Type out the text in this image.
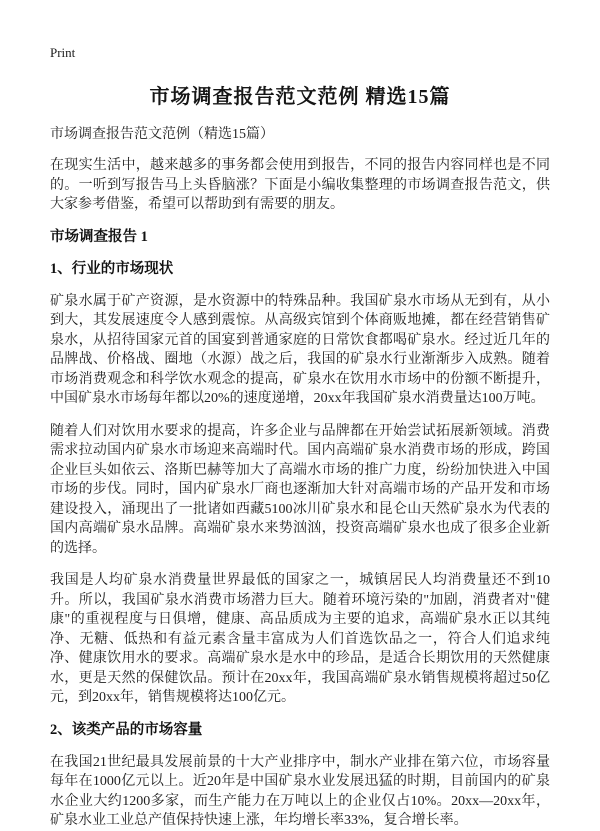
Print
市场调查报告范文范例 精选15篇
市场调查报告范文范例（精选15篇）

在现实生活中，越来越多的事务都会使用到报告，不同的报告内容同样也是不同的。一听到写报告马上头昏脑涨？下面是小编收集整理的市场调查报告范文，供大家参考借鉴，希望可以帮助到有需要的朋友。

市场调查报告 1
1、行业的市场现状

矿泉水属于矿产资源，是水资源中的特殊品种。我国矿泉水市场从无到有，从小到大，其发展速度令人感到震惊。从高级宾馆到个体商贩地摊，都在经营销售矿泉水，从招待国家元首的国宴到普通家庭的日常饮食都喝矿泉水。经过近几年的品牌战、价格战、圈地（水源）战之后，我国的矿泉水行业渐渐步入成熟。随着市场消费观念和科学饮水观念的提高，矿泉水在饮用水市场中的份额不断提升，中国矿泉水市场每年都以20%的速度递增，20xx年我国矿泉水消费量达100万吨。

随着人们对饮用水要求的提高，许多企业与品牌都在开始尝试拓展新领域。消费需求拉动国内矿泉水市场迎来高端时代。国内高端矿泉水消费市场的形成，跨国企业巨头如依云、洛斯巴赫等加大了高端水市场的推广力度，纷纷加快进入中国市场的步伐。同时，国内矿泉水厂商也逐渐加大针对高端市场的产品开发和市场建设投入，涌现出了一批诸如西藏5100冰川矿泉水和昆仑山天然矿泉水为代表的国内高端矿泉水品牌。高端矿泉水来势汹汹，投资高端矿泉水也成了很多企业新的选择。

我国是人均矿泉水消费量世界最低的国家之一，城镇居民人均消费量还不到10升。所以，我国矿泉水消费市场潜力巨大。随着环境污染的"加剧，消费者对"健康"的重视程度与日俱增，健康、高品质成为主要的追求，高端矿泉水正以其纯净、无糖、低热和有益元素含量丰富成为人们首选饮品之一，符合人们追求纯净、健康饮用水的要求。高端矿泉水是水中的珍品，是适合长期饮用的天然健康水，更是天然的保健饮品。预计在20xx年，我国高端矿泉水销售规模将超过50亿元，到20xx年，销售规模将达100亿元。

2、该类产品的市场容量

在我国21世纪最具发展前景的十大产业排序中，制水产业排在第六位，市场容量每年在1000亿元以上。近20年是中国矿泉水业发展迅猛的时期，目前国内的矿泉水企业大约1200多家，而生产能力在万吨以上的企业仅占10%。20xx—20xx年，矿泉水业工业总产值保持快速上涨，年均增长率33%，复合增长率。
